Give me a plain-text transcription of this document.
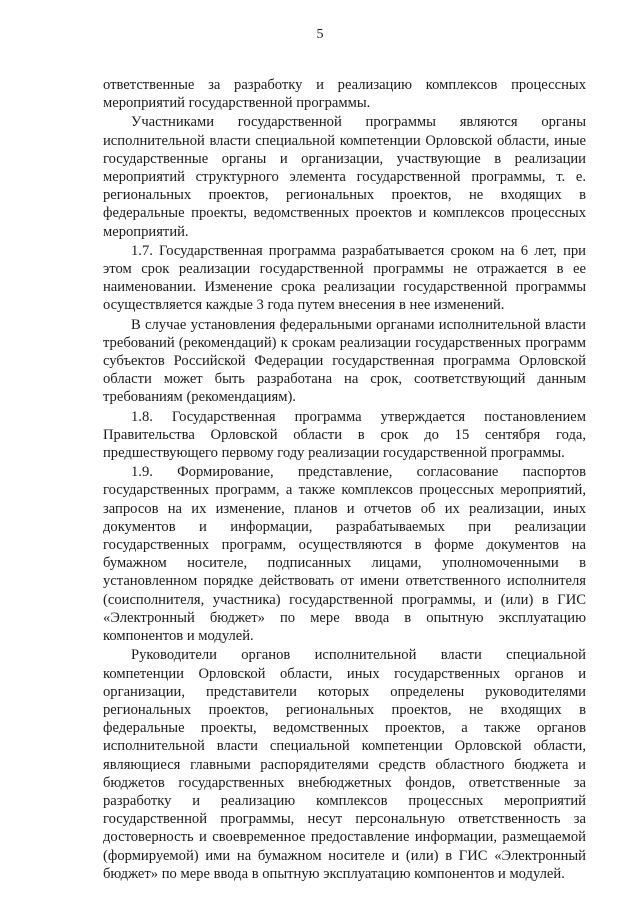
5

ответственные за разработку и реализацию комплексов процессных мероприятий государственной программы.

Участниками государственной программы являются органы исполнительной власти специальной компетенции Орловской области, иные государственные органы и организации, участвующие в реализации мероприятий структурного элемента государственной программы, т. е. региональных проектов, региональных проектов, не входящих в федеральные проекты, ведомственных проектов и комплексов процессных мероприятий.

1.7. Государственная программа разрабатывается сроком на 6 лет, при этом срок реализации государственной программы не отражается в ее наименовании. Изменение срока реализации государственной программы осуществляется каждые 3 года путем внесения в нее изменений.

В случае установления федеральными органами исполнительной власти требований (рекомендаций) к срокам реализации государственных программ субъектов Российской Федерации государственная программа Орловской области может быть разработана на срок, соответствующий данным требованиям (рекомендациям).

1.8. Государственная программа утверждается постановлением Правительства Орловской области в срок до 15 сентября года, предшествующего первому году реализации государственной программы.

1.9. Формирование, представление, согласование паспортов государственных программ, а также комплексов процессных мероприятий, запросов на их изменение, планов и отчетов об их реализации, иных документов и информации, разрабатываемых при реализации государственных программ, осуществляются в форме документов на бумажном носителе, подписанных лицами, уполномоченными в установленном порядке действовать от имени ответственного исполнителя (соисполнителя, участника) государственной программы, и (или) в ГИС «Электронный бюджет» по мере ввода в опытную эксплуатацию компонентов и модулей.

Руководители органов исполнительной власти специальной компетенции Орловской области, иных государственных органов и организации, представители которых определены руководителями региональных проектов, региональных проектов, не входящих в федеральные проекты, ведомственных проектов, а также органов исполнительной власти специальной компетенции Орловской области, являющиеся главными распорядителями средств областного бюджета и бюджетов государственных внебюджетных фондов, ответственные за разработку и реализацию комплексов процессных мероприятий государственной программы, несут персональную ответственность за достоверность и своевременное предоставление информации, размещаемой (формируемой) ими на бумажном носителе и (или) в ГИС «Электронный бюджет» по мере ввода в опытную эксплуатацию компонентов и модулей.
